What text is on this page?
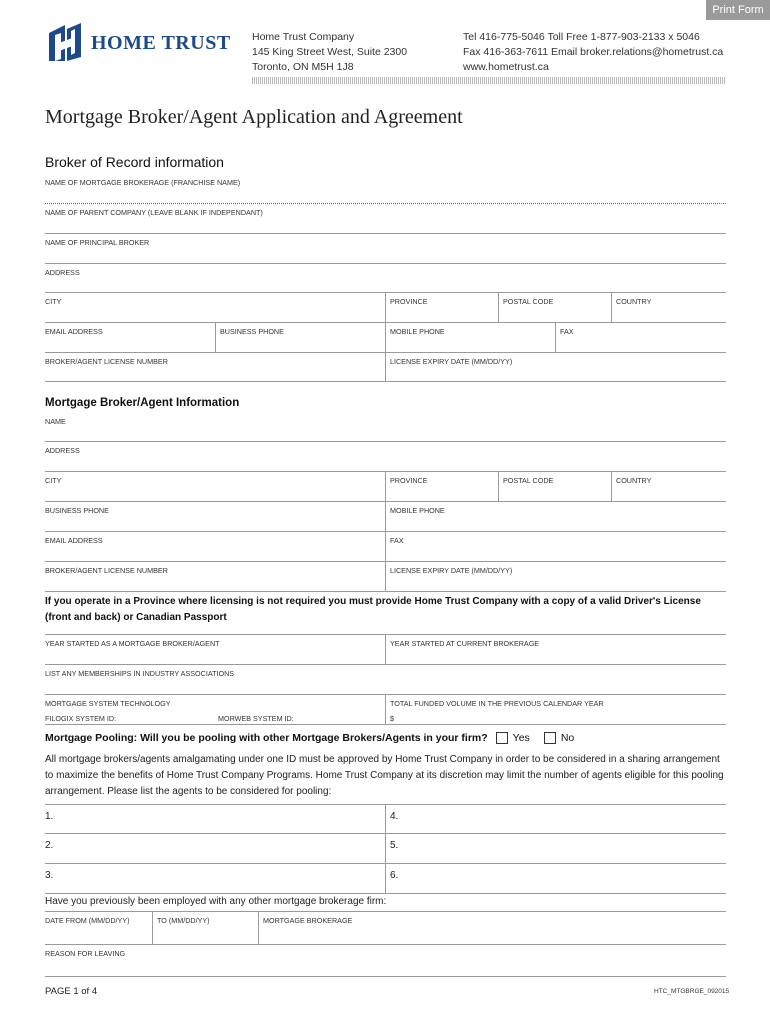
Print Form
HOME TRUST Home Trust Company
145 King Street West, Suite 2300
Toronto, ON M5H 1J8
Tel 416-775-5046 Toll Free 1-877-903-2133 x 5046
Fax 416-363-7611 Email broker.relations@hometrust.ca
www.hometrust.ca
Mortgage Broker/Agent Application and Agreement
Broker of Record information
NAME OF MORTGAGE BROKERAGE (FRANCHISE NAME)
NAME OF PARENT COMPANY (LEAVE BLANK IF INDEPENDANT)
NAME OF PRINCIPAL BROKER
ADDRESS
CITY	PROVINCE	POSTAL CODE	COUNTRY
EMAIL ADDRESS	BUSINESS PHONE	MOBILE PHONE	FAX
BROKER/AGENT LICENSE NUMBER	LICENSE EXPIRY DATE (MM/DD/YY)
Mortgage Broker/Agent Information
NAME
ADDRESS
CITY	PROVINCE	POSTAL CODE	COUNTRY
BUSINESS PHONE	MOBILE PHONE
EMAIL ADDRESS	FAX
BROKER/AGENT LICENSE NUMBER	LICENSE EXPIRY DATE (MM/DD/YY)
If you operate in a Province where licensing is not required you must provide Home Trust Company with a copy of a valid Driver's License (front and back) or Canadian Passport
YEAR STARTED AS A MORTGAGE BROKER/AGENT	YEAR STARTED AT CURRENT BROKERAGE
LIST ANY MEMBERSHIPS IN INDUSTRY ASSOCIATIONS
MORTGAGE SYSTEM TECHNOLOGY
FILOGIX SYSTEM ID:	MORWEB SYSTEM ID:
TOTAL FUNDED VOLUME IN THE PREVIOUS CALENDAR YEAR
$
Mortgage Pooling: Will you be pooling with other Mortgage Brokers/Agents in your firm? Yes	No
All mortgage brokers/agents amalgamating under one ID must be approved by Home Trust Company in order to be considered in a sharing arrangement to maximize the benefits of Home Trust Company Programs. Home Trust Company at its discretion may limit the number of agents eligible for this pooling arrangement. Please list the agents to be considered for pooling:
1.	4.
2.	5.
3.	6.
Have you previously been employed with any other mortgage brokerage firm:
DATE FROM (MM/DD/YY)	TO (MM/DD/YY)	MORTGAGE BROKERAGE
REASON FOR LEAVING
PAGE 1 of 4	HTC_MTGBRGE_092015
